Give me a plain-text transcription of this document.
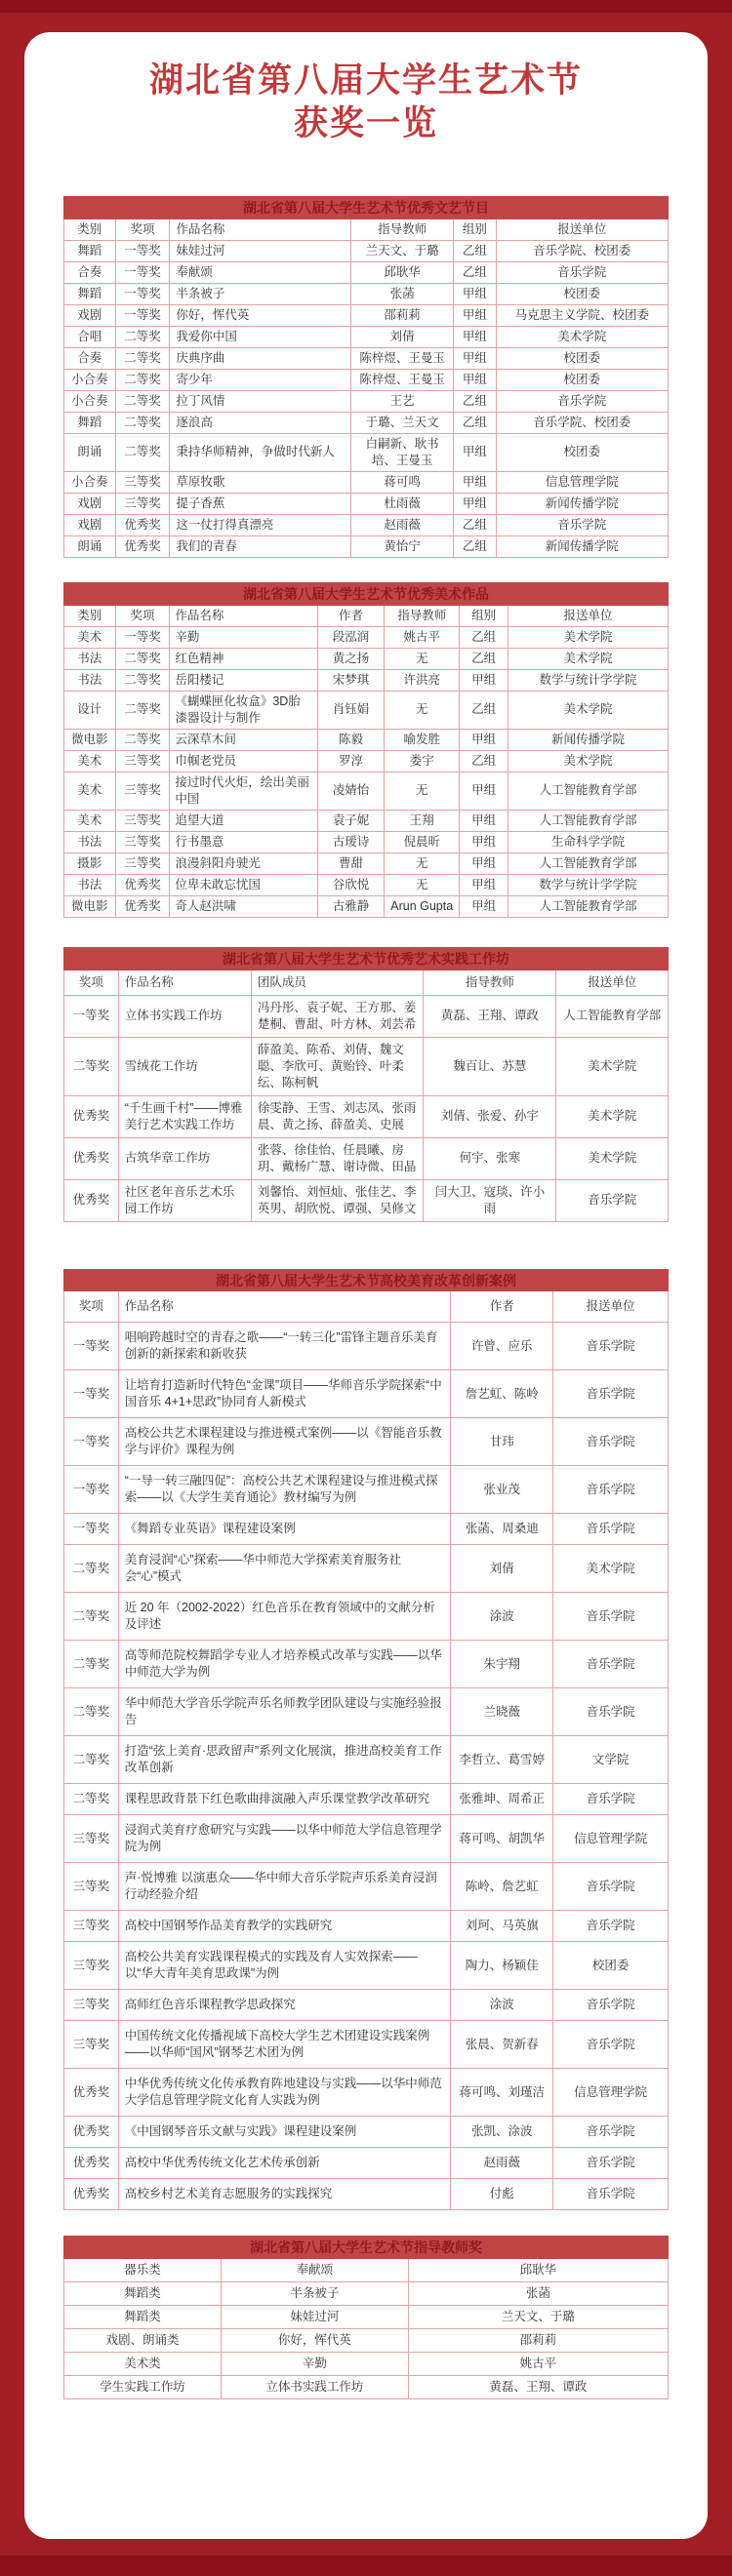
湖北省第八届大学生艺术节
获奖一览
湖北省第八届大学生艺术节优秀文艺节目
类别	奖项	作品名称	指导教师	组别	报送单位
舞蹈	一等奖	妹娃过河	兰天文、于璐	乙组	音乐学院、校团委
合奏	一等奖	奉献颂	邱耿华	乙组	音乐学院
舞蹈	一等奖	半条被子	张菡	甲组	校团委
戏剧	一等奖	你好，恽代英	邵莉莉	甲组	马克思主义学院、校团委
合唱	二等奖	我爱你中国	刘倩	甲组	美术学院
合奏	二等奖	庆典序曲	陈梓煜、王曼玉	甲组	校团委
小合奏	二等奖	寄少年	陈梓煜、王曼玉	甲组	校团委
小合奏	二等奖	拉丁风情	王艺	乙组	音乐学院
舞蹈	二等奖	逐浪高	于璐、兰天文	乙组	音乐学院、校团委
朗诵	二等奖	秉持华师精神，争做时代新人	白嗣新、耿书培、王曼玉	甲组	校团委
小合奏	三等奖	草原牧歌	蒋可鸣	甲组	信息管理学院
戏剧	三等奖	提子香蕉	杜雨薇	甲组	新闻传播学院
戏剧	优秀奖	这一仗打得真漂亮	赵雨薇	乙组	音乐学院
朗诵	优秀奖	我们的青春	黄怡宁	乙组	新闻传播学院
湖北省第八届大学生艺术节优秀美术作品
类别	奖项	作品名称	作者	指导教师	组别	报送单位
美术	一等奖	辛勤	段泓润	姚古平	乙组	美术学院
书法	二等奖	红色精神	黄之扬	无	乙组	美术学院
书法	二等奖	岳阳楼记	宋梦琪	许洪亮	甲组	数学与统计学学院
设计	二等奖	《蝴蝶匣化妆盒》3D胎漆器设计与制作	肖钰娟	无	乙组	美术学院
微电影	二等奖	云深草木间	陈毅	喻发胜	甲组	新闻传播学院
美术	三等奖	巾帼老党员	罗淳	娄宇	乙组	美术学院
美术	三等奖	接过时代火炬，绘出美丽中国	凌婧怡	无	甲组	人工智能教育学部
美术	三等奖	追望大道	袁子妮	王翔	甲组	人工智能教育学部
书法	三等奖	行书墨意	古瑷诗	倪晨昕	甲组	生命科学学院
摄影	三等奖	浪漫斜阳舟驶光	曹甜	无	甲组	人工智能教育学部
书法	优秀奖	位卑未敢忘忧国	谷欣悦	无	甲组	数学与统计学学院
微电影	优秀奖	奇人赵洪啸	古雅静	Arun Gupta	甲组	人工智能教育学部
湖北省第八届大学生艺术节优秀艺术实践工作坊
奖项	作品名称	团队成员	指导教师	报送单位
一等奖	立体书实践工作坊	冯丹彤、袁子妮、王方那、姜楚桐、曹甜、叶方林、刘芸希	黄磊、王翔、谭政	人工智能教育学部
二等奖	雪绒花工作坊	薛盈美、陈希、刘倩、魏文聪、李欣可、黄贻铃、叶柔纭、陈柯帆	魏百让、苏慧	美术学院
优秀奖	“千生画千村”——博雅美行艺术实践工作坊	徐雯静、王雪、刘志凤、张雨晨、黄之扬、薛盈美、史展	刘倩、张爱、孙宇	美术学院
优秀奖	古筑华章工作坊	张蓉、徐佳怡、任晨曦、房玥、戴杨广慧、谢诗微、田晶	何宇、张寒	美术学院
优秀奖	社区老年音乐艺术乐园工作坊	刘馨怡、刘恒灿、张佳艺、李英男、胡欣悦、谭强、吴修文	闫大卫、寇琰、许小雨	音乐学院
湖北省第八届大学生艺术节高校美育改革创新案例
奖项	作品名称	作者	报送单位
一等奖	唱响跨越时空的青春之歌——“一转三化”雷锋主题音乐美育创新的新探索和新收获	许曾、应乐	音乐学院
一等奖	让培育打造新时代特色“金课”项目——华师音乐学院探索“中国音乐 4+1+思政”协同育人新模式	詹艺虹、陈岭	音乐学院
一等奖	高校公共艺术课程建设与推进模式案例——以《智能音乐教学与评价》课程为例	甘玮	音乐学院
一等奖	“一导一转三融四促”：高校公共艺术课程建设与推进模式探索——以《大学生美育通论》教材编写为例	张业茂	音乐学院
一等奖	《舞蹈专业英语》课程建设案例	张菡、周桑迪	音乐学院
二等奖	美育浸润“心”探索——华中师范大学探索美育服务社会“心”模式	刘倩	美术学院
二等奖	近 20 年（2002-2022）红色音乐在教育领域中的文献分析及评述	涂波	音乐学院
二等奖	高等师范院校舞蹈学专业人才培养模式改革与实践——以华中师范大学为例	朱宇翔	音乐学院
二等奖	华中师范大学音乐学院声乐名师教学团队建设与实施经验报告	兰晓薇	音乐学院
二等奖	打造“弦上美育·思政留声”系列文化展演，推进高校美育工作改革创新	李哲立、葛雪婷	文学院
二等奖	课程思政背景下红色歌曲排演融入声乐课堂教学改革研究	张雅坤、周希正	音乐学院
三等奖	浸润式美育疗愈研究与实践——以华中师范大学信息管理学院为例	蒋可鸣、胡凯华	信息管理学院
三等奖	声·悦博雅 以演惠众——华中师大音乐学院声乐系美育浸润行动经验介绍	陈岭、詹艺虹	音乐学院
三等奖	高校中国钢琴作品美育教学的实践研究	刘珂、马英旗	音乐学院
三等奖	高校公共美育实践课程模式的实践及育人实效探索——以“华大青年美育思政课”为例	陶力、杨颖佳	校团委
三等奖	高师红色音乐课程教学思政探究	涂波	音乐学院
三等奖	中国传统文化传播视域下高校大学生艺术团建设实践案例——以华师“国风”钢琴艺术团为例	张晨、贺新春	音乐学院
优秀奖	中华优秀传统文化传承教育阵地建设与实践——以华中师范大学信息管理学院文化育人实践为例	蒋可鸣、刘瑾洁	信息管理学院
优秀奖	《中国钢琴音乐文献与实践》课程建设案例	张凯、涂波	音乐学院
优秀奖	高校中华优秀传统文化艺术传承创新	赵雨薇	音乐学院
优秀奖	高校乡村艺术美育志愿服务的实践探究	付彪	音乐学院
湖北省第八届大学生艺术节指导教师奖
器乐类	奉献颂	邱耿华
舞蹈类	半条被子	张菡
舞蹈类	妹娃过河	兰天文、于璐
戏剧、朗诵类	你好，恽代英	邵莉莉
美术类	辛勤	姚古平
学生实践工作坊	立体书实践工作坊	黄磊、王翔、谭政
